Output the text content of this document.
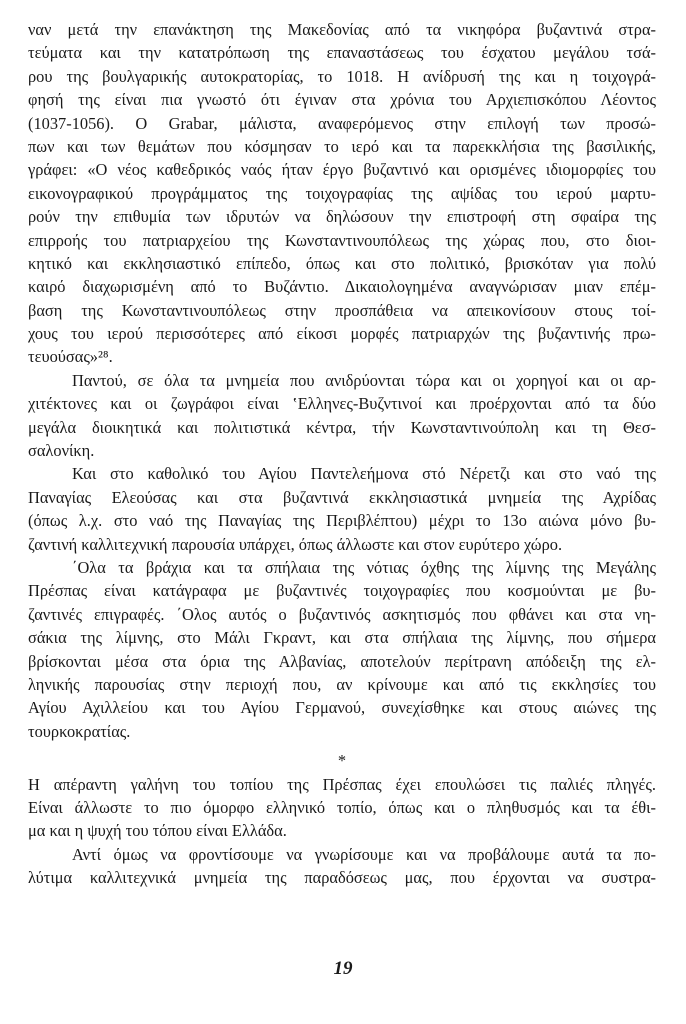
ναν μετά την επανάκτηση της Μακεδονίας από τα νικηφόρα βυζαντινά στρα-
τεύματα και την κατατρόπωση της επαναστάσεως του έσχατου μεγάλου τσά-
ρου της βουλγαρικής αυτοκρατορίας, το 1018. Η ανίδρυσή της και η τοιχογρά-
φησή της είναι πια γνωστό ότι έγιναν στα χρόνια του Αρχιεπισκόπου Λέοντος
(1037-1056). Ο Grabar, μάλιστα, αναφερόμενος στην επιλογή των προσώ-
πων και των θεμάτων που κόσμησαν το ιερό και τα παρεκκλήσια της βασιλικής,
γράφει: «Ο νέος καθεδρικός ναός ήταν έργο βυζαντινό και ορισμένες ιδιομορφίες του
εικονογραφικού προγράμματος της τοιχογραφίας της αψίδας του ιερού μαρτυ-
ρούν την επιθυμία των ιδρυτών να δηλώσουν την επιστροφή στη σφαίρα της
επιρροής του πατριαρχείου της Κωνσταντινουπόλεως της χώρας που, στο διοι-
κητικό και εκκλησιαστικό επίπεδο, όπως και στο πολιτικό, βρισκόταν για πολύ
καιρό διαχωρισμένη από το Βυζάντιο. Δικαιολογημένα αναγνώρισαν μιαν επέμ-
βαση της Κωνσταντινουπόλεως στην προσπάθεια να απεικονίσουν στους τοί-
χους του ιερού περισσότερες από είκοσι μορφές πατριαρχών της βυζαντινής πρω-
τευούσας»²⁸.
Παντού, σε όλα τα μνημεία που ανιδρύονται τώρα και οι χορηγοί και οι αρ-
χιτέκτονες και οι ζωγράφοι είναι ‛Ελληνες-Βυζντινοί και προέρχονται από τα δύο
μεγάλα διοικητικά και πολιτιστικά κέντρα, τήν Κωνσταντινούπολη και τη Θεσ-
σαλονίκη.
Και στο καθολικό του Αγίου Παντελεήμονα στό Νέρετζι και στο ναό της
Παναγίας Ελεούσας και στα βυζαντινά εκκλησιαστικά μνημεία της Αχρίδας
(όπως λ.χ. στο ναό της Παναγίας της Περιβλέπτου) μέχρι το 13ο αιώνα μόνο βυ-
ζαντινή καλλιτεχνική παρουσία υπάρχει, όπως άλλωστε και στον ευρύτερο χώρο.
΄Ολα τα βράχια και τα σπήλαια της νότιας όχθης της λίμνης της Μεγάλης
Πρέσπας είναι κατάγραφα με βυζαντινές τοιχογραφίες που κοσμούνται με βυ-
ζαντινές επιγραφές. ΄Ολος αυτός ο βυζαντινός ασκητισμός που φθάνει και στα νη-
σάκια της λίμνης, στο Μάλι Γκραντ, και στα σπήλαια της λίμνης, που σήμερα
βρίσκονται μέσα στα όρια της Αλβανίας, αποτελούν περίτρανη απόδειξη της ελ-
ληνικής παρουσίας στην περιοχή που, αν κρίνουμε και από τις εκκλησίες του
Αγίου Αχιλλείου και του Αγίου Γερμανού, συνεχίσθηκε και στους αιώνες της
τουρκοκρατίας.
*
Η απέραντη γαλήνη του τοπίου της Πρέσπας έχει επουλώσει τις παλιές πληγές.
Είναι άλλωστε το πιο όμορφο ελληνικό τοπίο, όπως και ο πληθυσμός και τα έθι-
μα και η ψυχή του τόπου είναι Ελλάδα.
Αντί όμως να φροντίσουμε να γνωρίσουμε και να προβάλουμε αυτά τα πο-
λύτιμα καλλιτεχνικά μνημεία της παραδόσεως μας, που έρχονται να συστρα-
19
